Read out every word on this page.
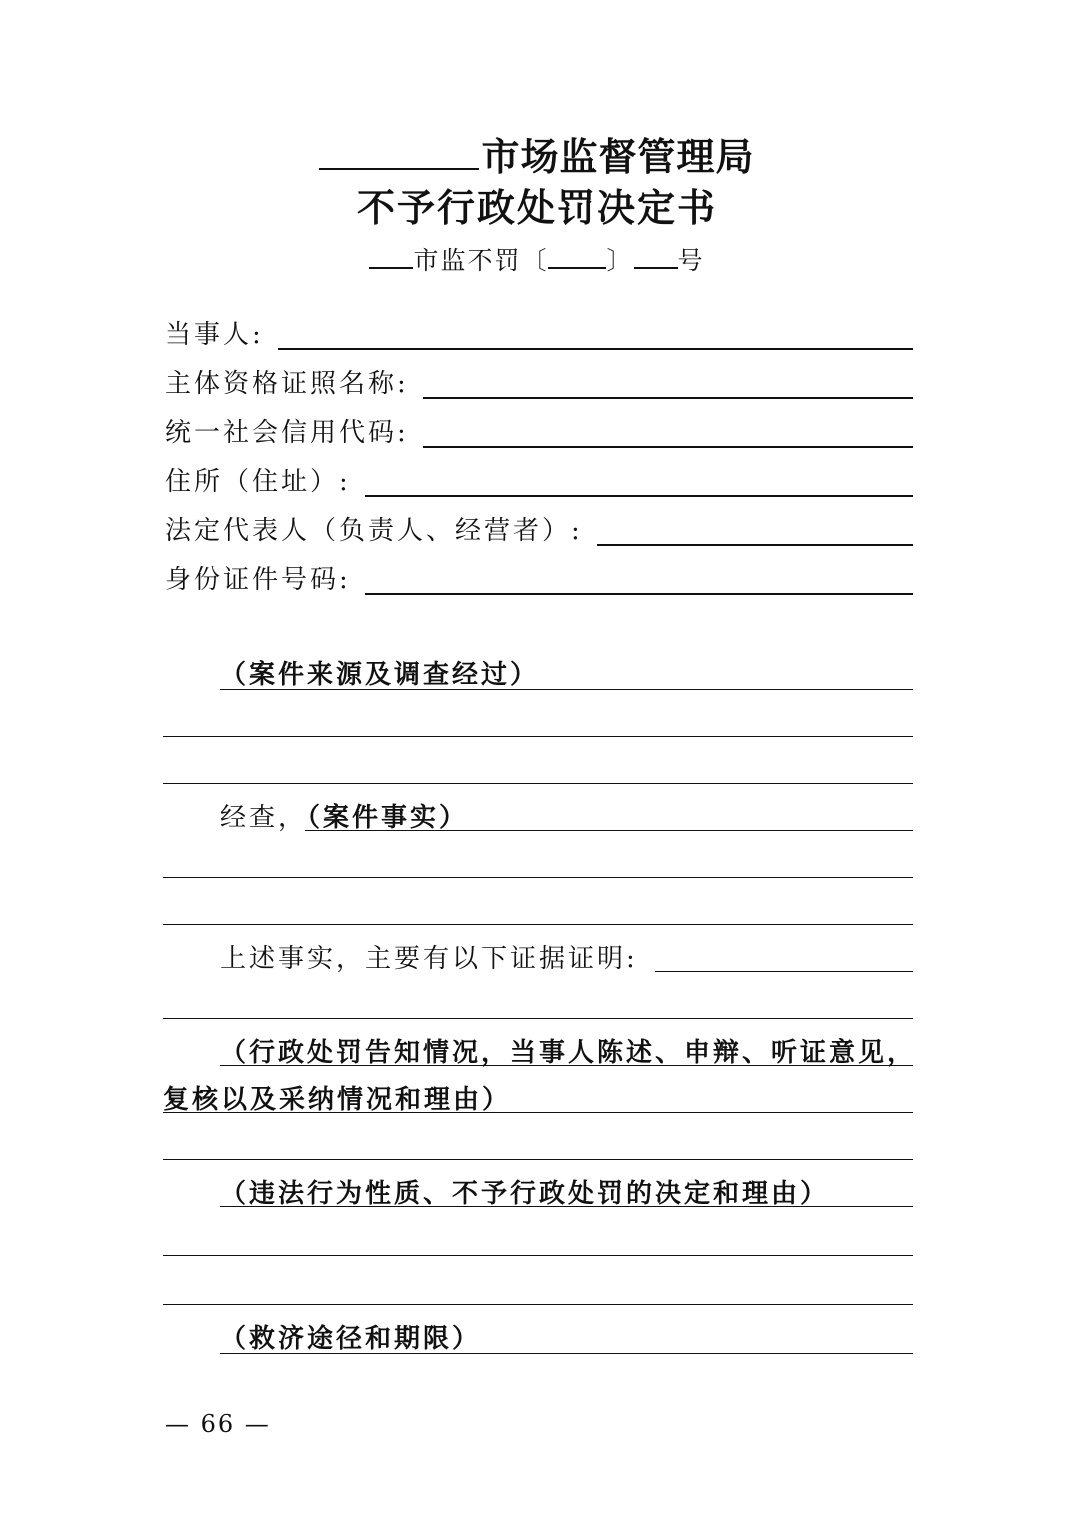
市场监督管理局
不予行政处罚决定书
市监不罚〔 〕 号
当事人:
主体资格证照名称:
统一社会信用代码:
住所（住址）:
法定代表人（负责人、经营者）:
身份证件号码:
（案件来源及调查经过）
经查，（案件事实）
上述事实，主要有以下证据证明:
（行政处罚告知情况，当事人陈述、申辩、听证意见，
复核以及采纳情况和理由）
（违法行为性质、不予行政处罚的决定和理由）
（救济途径和期限）
— 66 —
